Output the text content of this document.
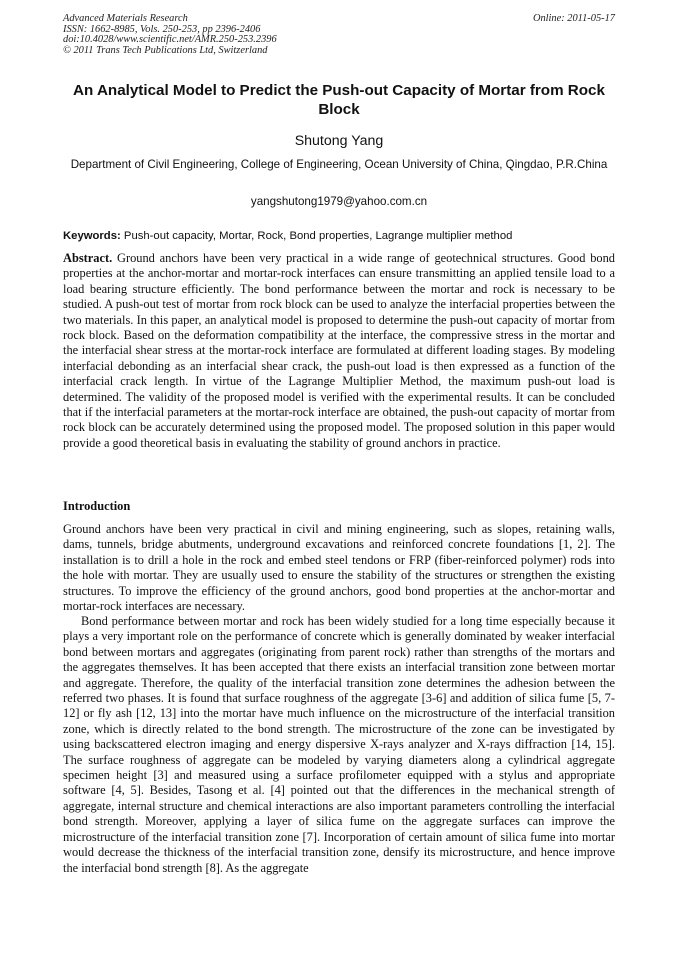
Advanced Materials Research
ISSN: 1662-8985, Vols. 250-253, pp 2396-2406
doi:10.4028/www.scientific.net/AMR.250-253.2396
© 2011 Trans Tech Publications Ltd, Switzerland
Online: 2011-05-17
An Analytical Model to Predict the Push-out Capacity of Mortar from Rock Block
Shutong Yang
Department of Civil Engineering, College of Engineering, Ocean University of China, Qingdao, P.R.China
yangshutong1979@yahoo.com.cn
Keywords: Push-out capacity, Mortar, Rock, Bond properties, Lagrange multiplier method
Abstract. Ground anchors have been very practical in a wide range of geotechnical structures. Good bond properties at the anchor-mortar and mortar-rock interfaces can ensure transmitting an applied tensile load to a load bearing structure efficiently. The bond performance between the mortar and rock is necessary to be studied. A push-out test of mortar from rock block can be used to analyze the interfacial properties between the two materials. In this paper, an analytical model is proposed to determine the push-out capacity of mortar from rock block. Based on the deformation compatibility at the interface, the compressive stress in the mortar and the interfacial shear stress at the mortar-rock interface are formulated at different loading stages. By modeling interfacial debonding as an interfacial shear crack, the push-out load is then expressed as a function of the interfacial crack length. In virtue of the Lagrange Multiplier Method, the maximum push-out load is determined. The validity of the proposed model is verified with the experimental results. It can be concluded that if the interfacial parameters at the mortar-rock interface are obtained, the push-out capacity of mortar from rock block can be accurately determined using the proposed model. The proposed solution in this paper would provide a good theoretical basis in evaluating the stability of ground anchors in practice.
Introduction
Ground anchors have been very practical in civil and mining engineering, such as slopes, retaining walls, dams, tunnels, bridge abutments, underground excavations and reinforced concrete foundations [1, 2]. The installation is to drill a hole in the rock and embed steel tendons or FRP (fiber-reinforced polymer) rods into the hole with mortar. They are usually used to ensure the stability of the structures or strengthen the existing structures. To improve the efficiency of the ground anchors, good bond properties at the anchor-mortar and mortar-rock interfaces are necessary.
Bond performance between mortar and rock has been widely studied for a long time especially because it plays a very important role on the performance of concrete which is generally dominated by weaker interfacial bond between mortars and aggregates (originating from parent rock) rather than strengths of the mortars and the aggregates themselves. It has been accepted that there exists an interfacial transition zone between mortar and aggregate. Therefore, the quality of the interfacial transition zone determines the adhesion between the referred two phases. It is found that surface roughness of the aggregate [3-6] and addition of silica fume [5, 7-12] or fly ash [12, 13] into the mortar have much influence on the microstructure of the interfacial transition zone, which is directly related to the bond strength. The microstructure of the zone can be investigated by using backscattered electron imaging and energy dispersive X-rays analyzer and X-rays diffraction [14, 15]. The surface roughness of aggregate can be modeled by varying diameters along a cylindrical aggregate specimen height [3] and measured using a surface profilometer equipped with a stylus and appropriate software [4, 5]. Besides, Tasong et al. [4] pointed out that the differences in the mechanical strength of aggregate, internal structure and chemical interactions are also important parameters controlling the interfacial bond strength. Moreover, applying a layer of silica fume on the aggregate surfaces can improve the microstructure of the interfacial transition zone [7]. Incorporation of certain amount of silica fume into mortar would decrease the thickness of the interfacial transition zone, densify its microstructure, and hence improve the interfacial bond strength [8]. As the aggregate
